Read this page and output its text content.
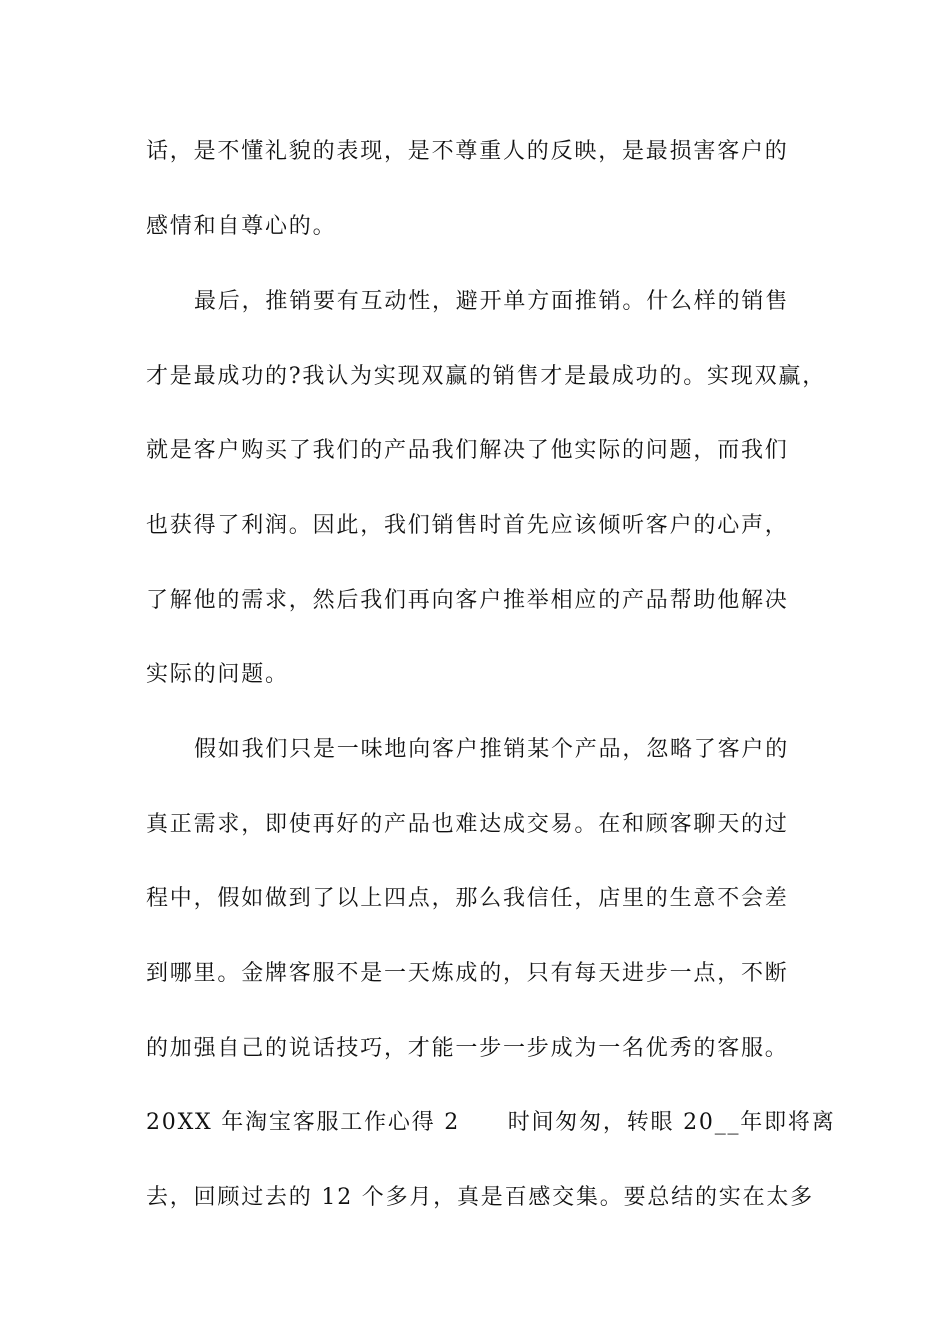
话，是不懂礼貌的表现，是不尊重人的反映，是最损害客户的
感情和自尊心的。
最后，推销要有互动性，避开单方面推销。什么样的销售
才是最成功的?我认为实现双赢的销售才是最成功的。实现双赢，
就是客户购买了我们的产品我们解决了他实际的问题，而我们
也获得了利润。因此，我们销售时首先应该倾听客户的心声，
了解他的需求，然后我们再向客户推举相应的产品帮助他解决
实际的问题。
假如我们只是一味地向客户推销某个产品，忽略了客户的
真正需求，即使再好的产品也难达成交易。在和顾客聊天的过
程中，假如做到了以上四点，那么我信任，店里的生意不会差
到哪里。金牌客服不是一天炼成的，只有每天进步一点，不断
的加强自己的说话技巧，才能一步一步成为一名优秀的客服。
20XX 年淘宝客服工作心得 2　　时间匆匆，转眼 20__年即将离
去，回顾过去的 12 个多月，真是百感交集。要总结的实在太多
